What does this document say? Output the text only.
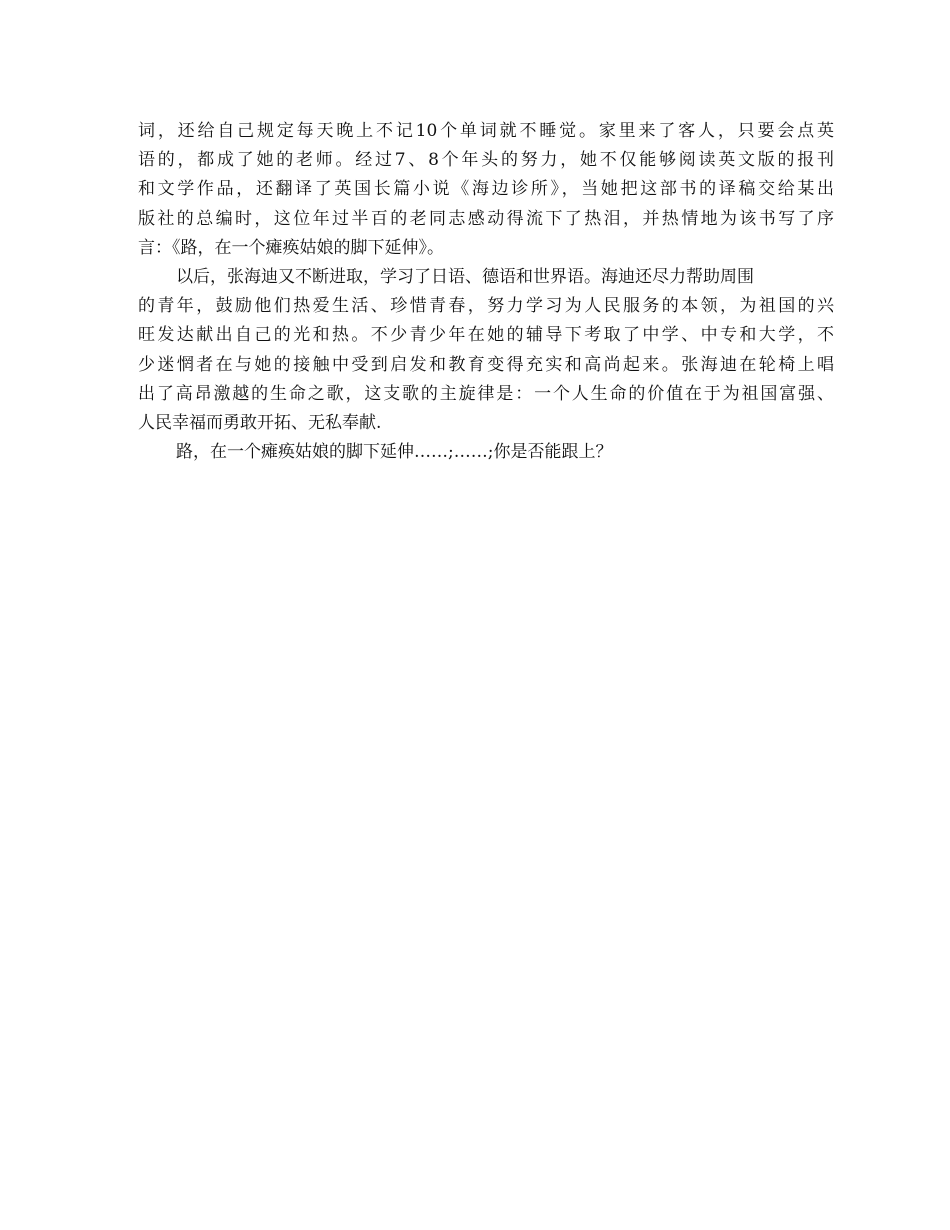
词，还给自己规定每天晚上不记10个单词就不睡觉。家里来了客人，只要会点英
语的，都成了她的老师。经过7、8个年头的努力，她不仅能够阅读英文版的报刊
和文学作品，还翻译了英国长篇小说《海边诊所》，当她把这部书的译稿交给某出
版社的总编时，这位年过半百的老同志感动得流下了热泪，并热情地为该书写了序
言：《路，在一个瘫痪姑娘的脚下延伸》。
以后，张海迪又不断进取，学习了日语、德语和世界语。海迪还尽力帮助周围
的青年，鼓励他们热爱生活、珍惜青春，努力学习为人民服务的本领，为祖国的兴
旺发达献出自己的光和热。不少青少年在她的辅导下考取了中学、中专和大学，不
少迷惘者在与她的接触中受到启发和教育变得充实和高尚起来。张海迪在轮椅上唱
出了高昂激越的生命之歌，这支歌的主旋律是：一个人生命的价值在于为祖国富强、
人民幸福而勇敢开拓、无私奉献.
路，在一个瘫痪姑娘的脚下延伸……;……;你是否能跟上？
